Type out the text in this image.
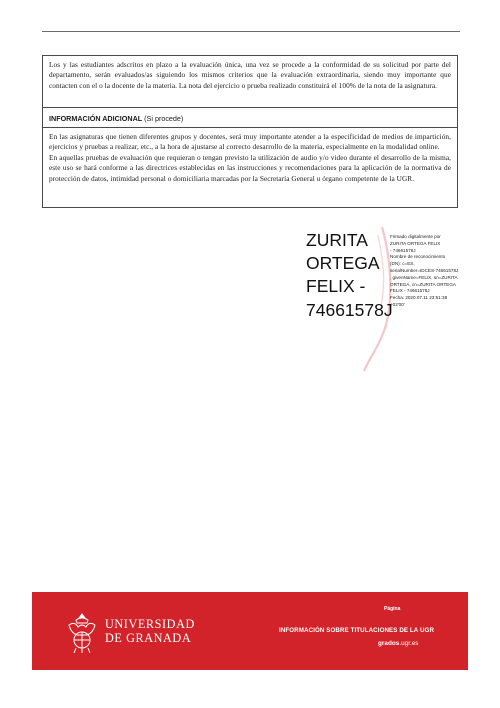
Los y las estudiantes adscritos en plazo a la evaluación única, una vez se procede a la conformidad de su solicitud por parte del departamento, serán evaluados/as siguiendo los mismos criterios que la evaluación extraordinaria, siendo muy importante que contacten con el o la docente de la materia. La nota del ejercicio o prueba realizado constituirá el 100% de la nota de la asignatura.

INFORMACIÓN ADICIONAL (Si procede)

En las asignaturas que tienen diferentes grupos y docentes, será muy importante atender a la especificidad de medios de impartición, ejercicios y pruebas a realizar, etc., a la hora de ajustarse al correcto desarrollo de la materia, especialmente en la modalidad online.

En aquellas pruebas de evaluación que requieran o tengan previsto la utilización de audio y/o video durante el desarrollo de la misma, este uso se hará conforme a las directrices establecidas en las instrucciones y recomendaciones para la aplicación de la normativa de protección de datos, intimidad personal o domiciliaria marcadas por la Secretaría General u órgano competente de la UGR.

ZURITA
ORTEGA
FELIX -
74661578J
Firmado digitalmente por
ZURITA ORTEGA FELIX
- 74661578J
Nombre de reconocimiento
(DN): c=ES,
serialNumber=IDCES-74661578J
, givenName=FELIX, sn=ZURITA
ORTEGA, cn=ZURITA ORTEGA
FELIX - 74661578J
Fecha: 2020.07.11 23:51:38
+02'00'
UNIVERSIDAD
DE GRANADA
Página
INFORMACIÓN SOBRE TITULACIONES DE LA UGR
grados.ugr.es
